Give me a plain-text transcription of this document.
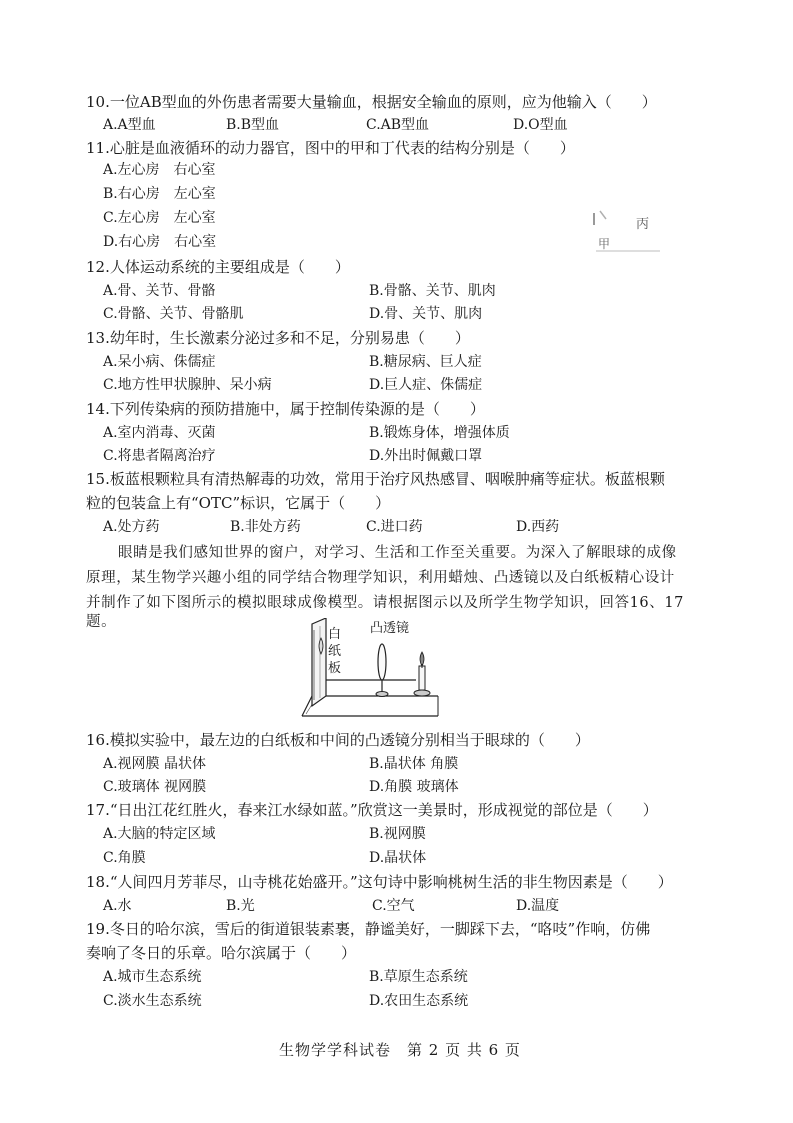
10.一位AB型血的外伤患者需要大量输血，根据安全输血的原则，应为他输入（　　）
A.A型血	B.B型血	C.AB型血	D.O型血
11.心脏是血液循环的动力器官，图中的甲和丁代表的结构分别是（　　）
A.左心房　右心室
B.右心房　左心室
C.左心房　左心室
D.右心房　右心室
丙
甲
12.人体运动系统的主要组成是（　　）
A.骨、关节、骨骼	B.骨骼、关节、肌肉
C.骨骼、关节、骨骼肌	D.骨、关节、肌肉
13.幼年时，生长激素分泌过多和不足，分别易患（　　）
A.呆小病、侏儒症	B.糖尿病、巨人症
C.地方性甲状腺肿、呆小病	D.巨人症、侏儒症
14.下列传染病的预防措施中，属于控制传染源的是（　　）
A.室内消毒、灭菌	B.锻炼身体，增强体质
C.将患者隔离治疗	D.外出时佩戴口罩
15.板蓝根颗粒具有清热解毒的功效，常用于治疗风热感冒、咽喉肿痛等症状。板蓝根颗
粒的包装盒上有“OTC”标识，它属于（　　）
A.处方药	B.非处方药	C.进口药	D.西药
眼睛是我们感知世界的窗户，对学习、生活和工作至关重要。为深入了解眼球的成像
原理，某生物学兴趣小组的同学结合物理学知识，利用蜡烛、凸透镜以及白纸板精心设计
并制作了如下图所示的模拟眼球成像模型。请根据图示以及所学生物学知识，回答16、17
题。
白
纸
板
凸透镜
16.模拟实验中，最左边的白纸板和中间的凸透镜分别相当于眼球的（　　）
A.视网膜 晶状体	B.晶状体 角膜
C.玻璃体 视网膜	D.角膜 玻璃体
17.“日出江花红胜火，春来江水绿如蓝。”欣赏这一美景时，形成视觉的部位是（　　）
A.大脑的特定区域	B.视网膜
C.角膜	D.晶状体
18.“人间四月芳菲尽，山寺桃花始盛开。”这句诗中影响桃树生活的非生物因素是（　　）
A.水	B.光	C.空气	D.温度
19.冬日的哈尔滨，雪后的街道银装素裹，静谧美好，一脚踩下去，“咯吱”作响，仿佛
奏响了冬日的乐章。哈尔滨属于（　　）
A.城市生态系统	B.草原生态系统
C.淡水生态系统	D.农田生态系统
生物学学科试卷　第 2 页 共 6 页
